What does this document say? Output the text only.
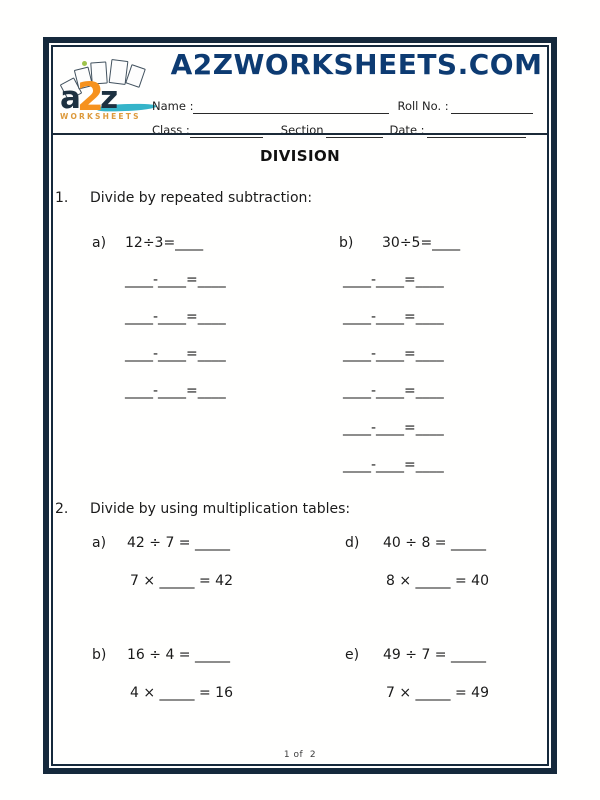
a2z
WORKSHEETS
A2ZWORKSHEETS.COM
Name :	Roll No. :
Class :	Section	Date :
DIVISION
1. Divide by repeated subtraction:
a) 12÷3=____
____-____=____
____-____=____
____-____=____
____-____=____
b) 30÷5=____
____-____=____
____-____=____
____-____=____
____-____=____
____-____=____
____-____=____
2. Divide by using multiplication tables:
a) 42 ÷ 7 = _____
7 × _____ = 42
d) 40 ÷ 8 = _____
8 × _____ = 40
b) 16 ÷ 4 = _____
4 × _____ = 16
e) 49 ÷ 7 = _____
7 × _____ = 49
1 of  2
